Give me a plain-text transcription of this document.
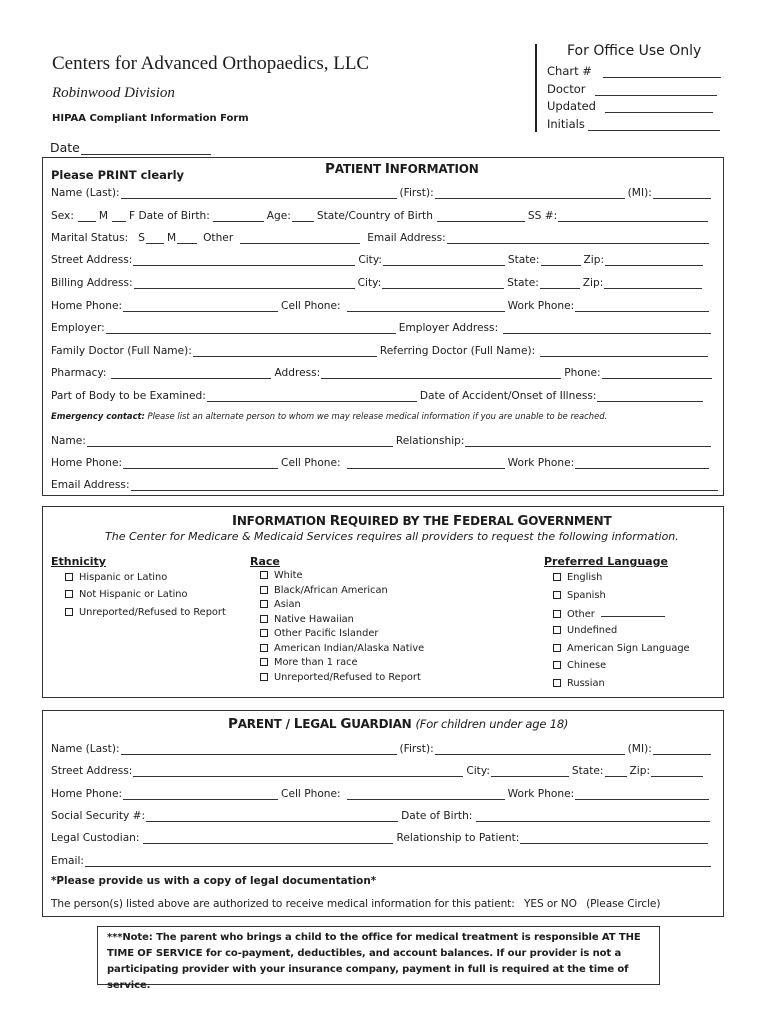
Centers for Advanced Orthopaedics, LLC
Robinwood Division
HIPAA Compliant Information Form
Date
For Office Use Only
Chart #
Doctor
Updated
Initials
Please PRINT clearly	PATIENT INFORMATION
Name (Last):	(First):	(MI):
Sex: M F Date of Birth:	Age: State/Country of Birth	SS #:
Marital Status: S M	Other	Email Address:
Street Address:	City:	State:	Zip:
Billing Address:	City:	State:	Zip:
Home Phone:	Cell Phone:	Work Phone:
Employer:	Employer Address:
Family Doctor (Full Name):	Referring Doctor (Full Name):
Pharmacy:	Address:	Phone:
Part of Body to be Examined:	Date of Accident/Onset of Illness:
Emergency contact: Please list an alternate person to whom we may release medical information if you are unable to be reached.
Name:	Relationship:
Home Phone:	Cell Phone:	Work Phone:
Email Address:
INFORMATION REQUIRED BY THE FEDERAL GOVERNMENT
The Center for Medicare & Medicaid Services requires all providers to request the following information.
Ethnicity
Hispanic or Latino
Not Hispanic or Latino
Unreported/Refused to Report
Race
White
Black/African American
Asian
Native Hawaiian
Other Pacific Islander
American Indian/Alaska Native
More than 1 race
Unreported/Refused to Report
Preferred Language
English
Spanish
Other
Undefined
American Sign Language
Chinese
Russian
PARENT / LEGAL GUARDIAN (For children under age 18)
Name (Last):	(First):	(MI):
Street Address:	City:	State: Zip:
Home Phone:	Cell Phone:	Work Phone:
Social Security #:	Date of Birth:
Legal Custodian:	Relationship to Patient:
Email:
*Please provide us with a copy of legal documentation*
The person(s) listed above are authorized to receive medical information for this patient: YES or NO (Please Circle)
***Note: The parent who brings a child to the office for medical treatment is responsible AT THE TIME OF SERVICE for co-payment, deductibles, and account balances. If our provider is not a participating provider with your insurance company, payment in full is required at the time of service.
